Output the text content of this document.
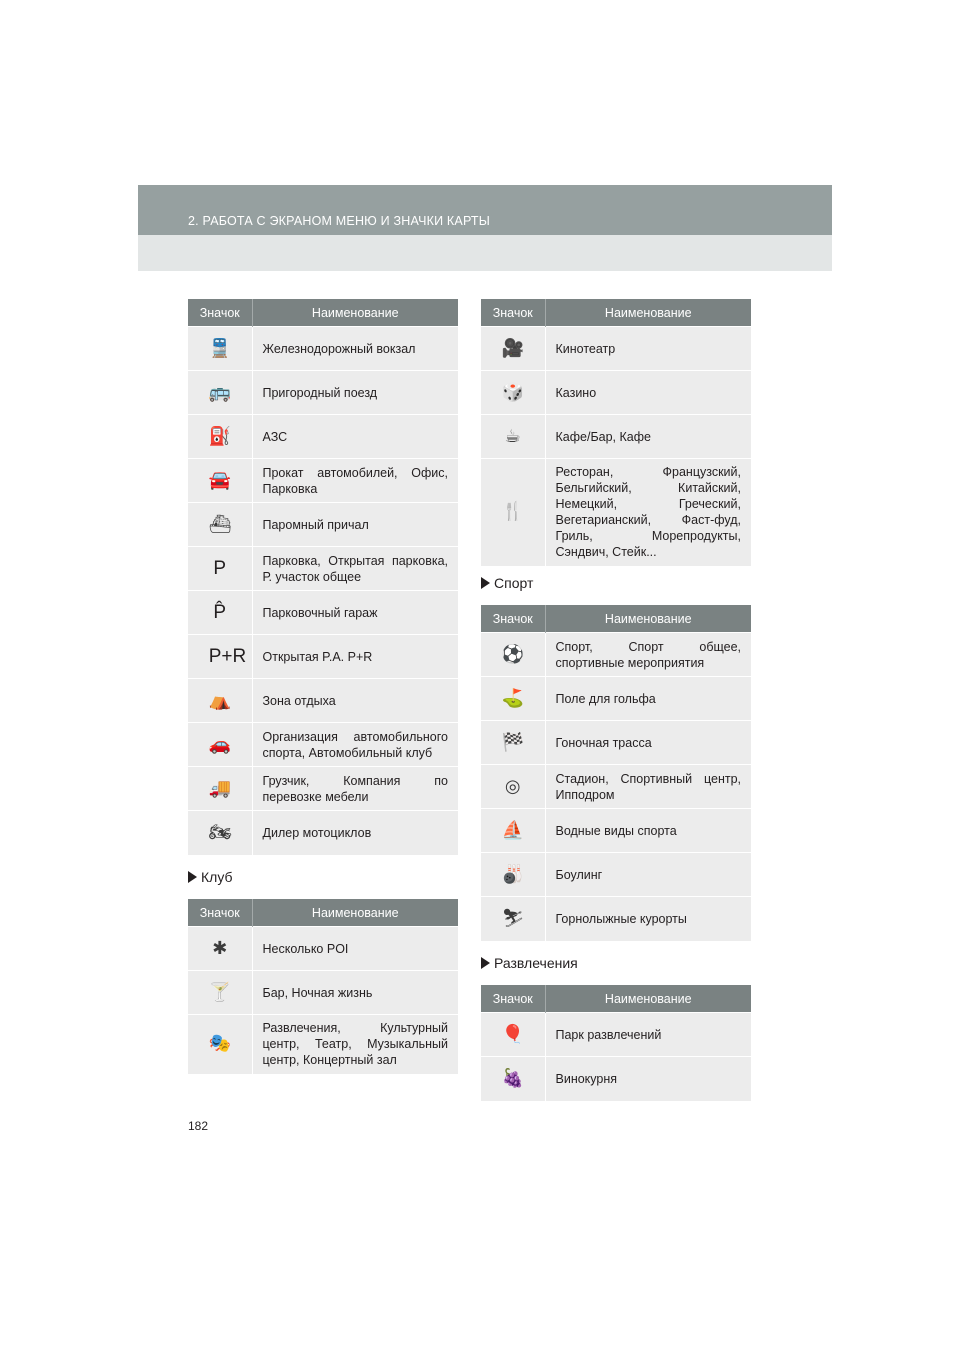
2. РАБОТА С ЭКРАНОМ МЕНЮ И ЗНАЧКИ КАРТЫ
Значок	Наименование
🚆	Железнодорожный вокзал
🚌	Пригородный поезд
⛽	АЗС
🚘	Прокат автомобилей, Офис, Парковка
⛴	Паромный причал
P	Парковка, Открытая парковка, Р. участок общее
P̂	Парковочный гараж
P+R	Открытая P.A. P+R
⛺	Зона отдыха
🚗	Организация автомобильного спорта, Автомобильный клуб
🚚	Грузчик, Компания по перевозке мебели
🏍	Дилер мотоциклов
Клуб
Значок	Наименование
✱	Несколько POI
🍸	Бар, Ночная жизнь
🎭	Развлечения, Культурный центр, Театр, Музыкальный центр, Концертный зал
Значок	Наименование
🎥	Кинотеатр
🎲	Казино
☕	Кафе/Бар, Кафе
🍴	Ресторан, Французский, Бельгийский, Китайский, Немецкий, Греческий, Вегетарианский, Фаст-фуд, Гриль, Морепродукты, Сэндвич, Стейк...
Спорт
Значок	Наименование
⚽	Спорт, Спорт общее, спортивные мероприятия
⛳	Поле для гольфа
🏁	Гоночная трасса
◎	Стадион, Спортивный центр, Ипподром
⛵	Водные виды спорта
🎳	Боулинг
⛷	Горнолыжные курорты
Развлечения
Значок	Наименование
🎈	Парк развлечений
🍇	Винокурня
182
